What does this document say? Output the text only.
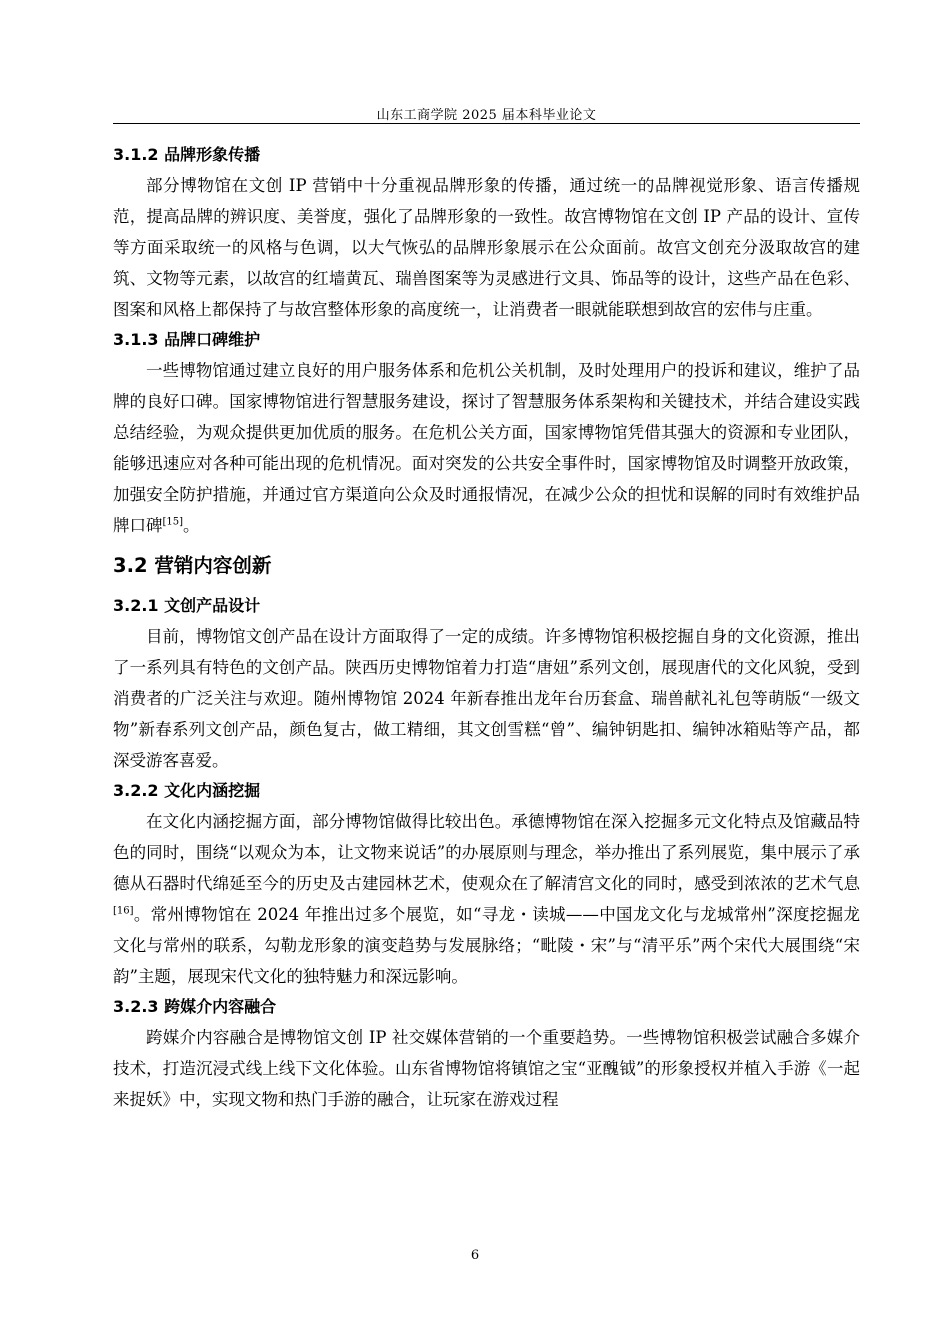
山东工商学院 2025 届本科毕业论文
3.1.2 品牌形象传播

部分博物馆在文创 IP 营销中十分重视品牌形象的传播，通过统一的品牌视觉形象、语言传播规范，提高品牌的辨识度、美誉度，强化了品牌形象的一致性。故宫博物馆在文创 IP 产品的设计、宣传等方面采取统一的风格与色调，以大气恢弘的品牌形象展示在公众面前。故宫文创充分汲取故宫的建筑、文物等元素，以故宫的红墙黄瓦、瑞兽图案等为灵感进行文具、饰品等的设计，这些产品在色彩、图案和风格上都保持了与故宫整体形象的高度统一，让消费者一眼就能联想到故宫的宏伟与庄重。

3.1.3 品牌口碑维护

一些博物馆通过建立良好的用户服务体系和危机公关机制，及时处理用户的投诉和建议，维护了品牌的良好口碑。国家博物馆进行智慧服务建设，探讨了智慧服务体系架构和关键技术，并结合建设实践总结经验，为观众提供更加优质的服务。在危机公关方面，国家博物馆凭借其强大的资源和专业团队，能够迅速应对各种可能出现的危机情况。面对突发的公共安全事件时，国家博物馆及时调整开放政策，加强安全防护措施，并通过官方渠道向公众及时通报情况，在减少公众的担忧和误解的同时有效维护品牌口碑[15]。

3.2 营销内容创新
3.2.1 文创产品设计

目前，博物馆文创产品在设计方面取得了一定的成绩。许多博物馆积极挖掘自身的文化资源，推出了一系列具有特色的文创产品。陕西历史博物馆着力打造“唐妞”系列文创，展现唐代的文化风貌，受到消费者的广泛关注与欢迎。随州博物馆 2024 年新春推出龙年台历套盒、瑞兽献礼礼包等萌版“一级文物”新春系列文创产品，颜色复古，做工精细，其文创雪糕“曾”、编钟钥匙扣、编钟冰箱贴等产品，都深受游客喜爱。

3.2.2 文化内涵挖掘

在文化内涵挖掘方面，部分博物馆做得比较出色。承德博物馆在深入挖掘多元文化特点及馆藏品特色的同时，围绕“以观众为本，让文物来说话”的办展原则与理念，举办推出了系列展览，集中展示了承德从石器时代绵延至今的历史及古建园林艺术，使观众在了解清宫文化的同时，感受到浓浓的艺术气息[16]。常州博物馆在 2024 年推出过多个展览，如“寻龙・读城——中国龙文化与龙城常州”深度挖掘龙文化与常州的联系，勾勒龙形象的演变趋势与发展脉络；“毗陵・宋”与“清平乐”两个宋代大展围绕“宋韵”主题，展现宋代文化的独特魅力和深远影响。

3.2.3 跨媒介内容融合

跨媒介内容融合是博物馆文创 IP 社交媒体营销的一个重要趋势。一些博物馆积极尝试融合多媒介技术，打造沉浸式线上线下文化体验。山东省博物馆将镇馆之宝“亚醜钺”的形象授权并植入手游《一起来捉妖》中，实现文物和热门手游的融合，让玩家在游戏过程

6
